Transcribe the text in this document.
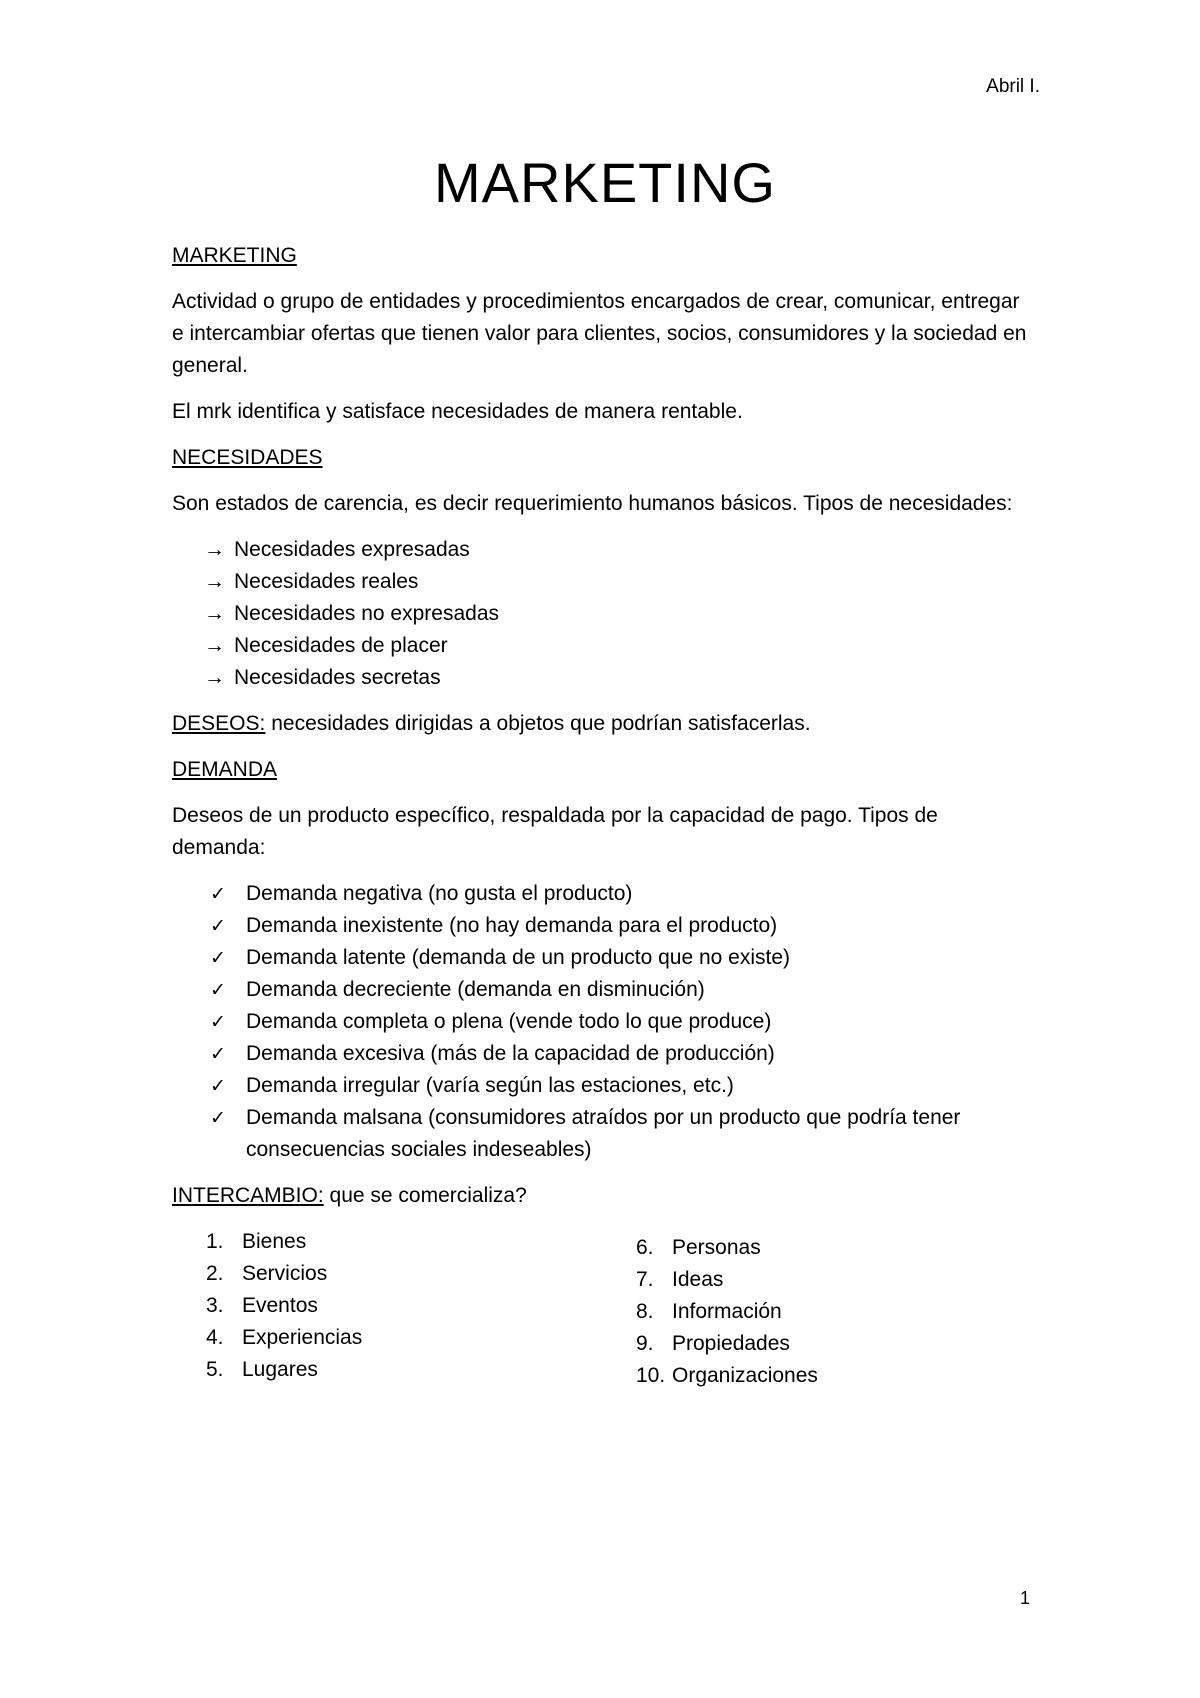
Abril I.
MARKETING
MARKETING

Actividad o grupo de entidades y procedimientos encargados de crear, comunicar, entregar e intercambiar ofertas que tienen valor para clientes, socios, consumidores y la sociedad en general.

El mrk identifica y satisface necesidades de manera rentable.

NECESIDADES

Son estados de carencia, es decir requerimiento humanos básicos. Tipos de necesidades:

→ Necesidades expresadas
→ Necesidades reales
→ Necesidades no expresadas
→ Necesidades de placer
→ Necesidades secretas

DESEOS: necesidades dirigidas a objetos que podrían satisfacerlas.

DEMANDA

Deseos de un producto específico, respaldada por la capacidad de pago. Tipos de demanda:

✓ Demanda negativa (no gusta el producto)
✓ Demanda inexistente (no hay demanda para el producto)
✓ Demanda latente (demanda de un producto que no existe)
✓ Demanda decreciente (demanda en disminución)
✓ Demanda completa o plena (vende todo lo que produce)
✓ Demanda excesiva (más de la capacidad de producción)
✓ Demanda irregular (varía según las estaciones, etc.)
✓ Demanda malsana (consumidores atraídos por un producto que podría tener consecuencias sociales indeseables)

INTERCAMBIO: que se comercializa?

1. Bienes
2. Servicios
3. Eventos
4. Experiencias
5. Lugares
6. Personas
7. Ideas
8. Información
9. Propiedades
10. Organizaciones
1
